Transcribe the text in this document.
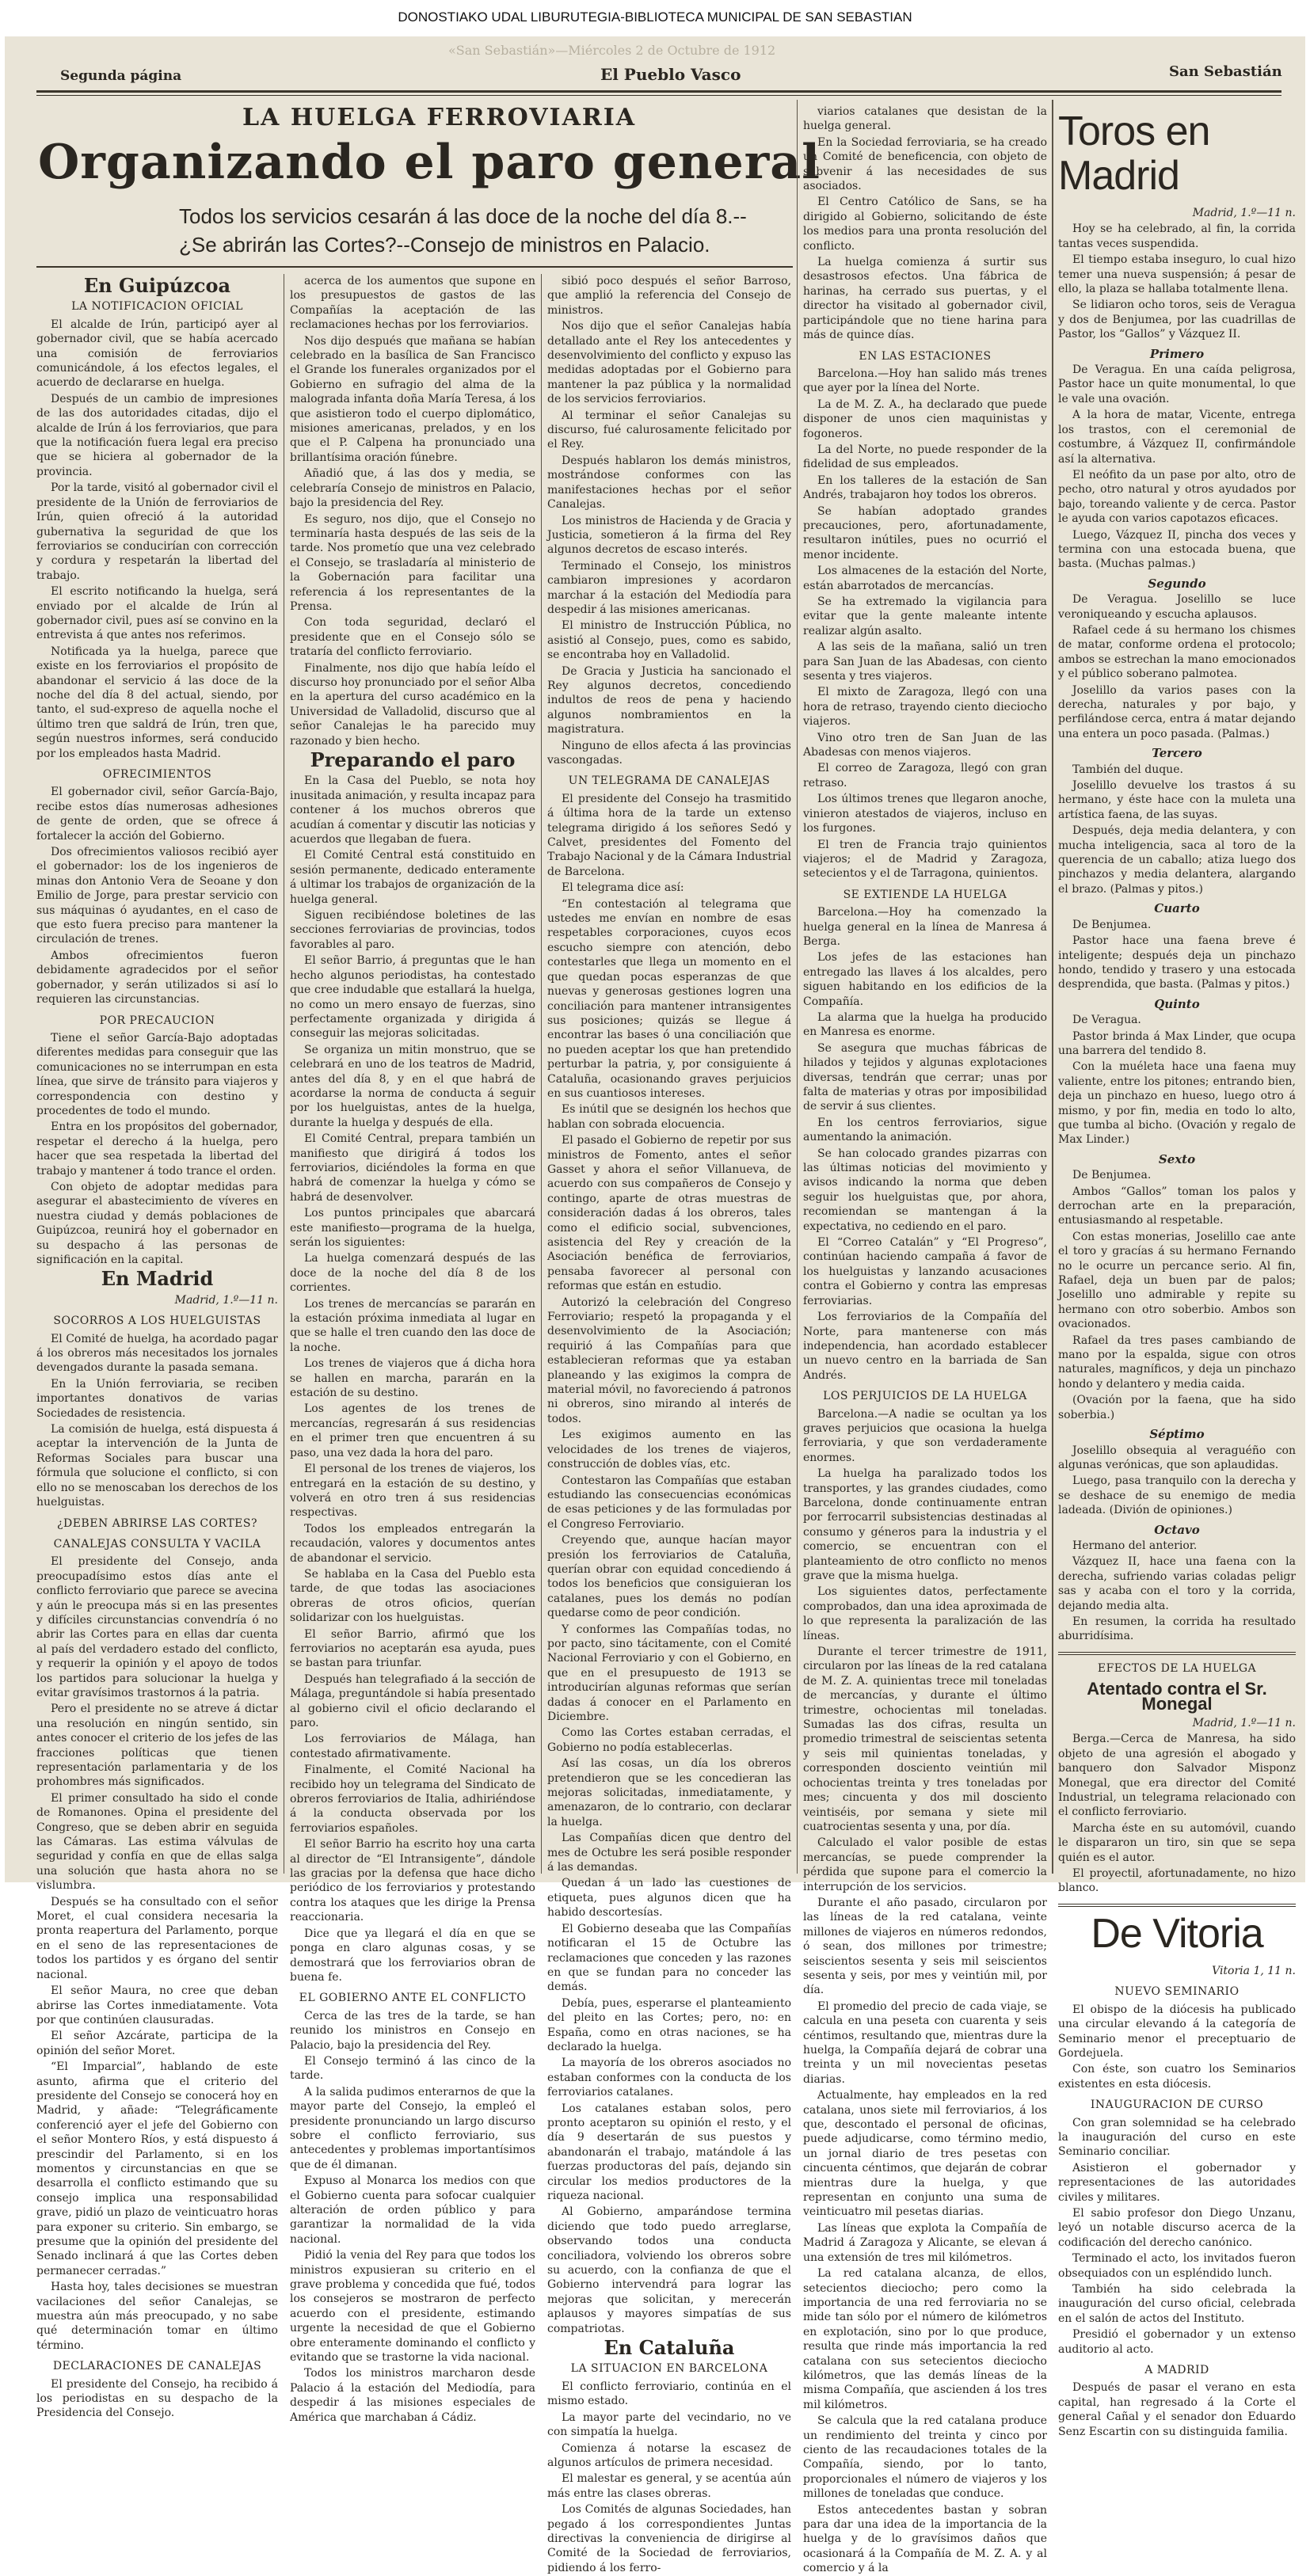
DONOSTIAKO UDAL LIBURUTEGIA-BIBLIOTECA MUNICIPAL DE SAN SEBASTIAN
«San Sebastián»—Miércoles 2 de Octubre de 1912
Segunda página	El Pueblo Vasco	San Sebastián
LA HUELGA FERROVIARIA
Organizando el paro general
Todos los servicios cesarán á las doce de la noche del día 8.--
¿Se abrirán las Cortes?--Consejo de ministros en Palacio.
En Guipúzcoa
LA NOTIFICACION OFICIAL

El alcalde de Irún, participó ayer al gobernador civil, que se había acercado una comisión de ferroviarios comunicándole, á los efectos legales, el acuerdo de declararse en huelga.

Después de un cambio de impresiones de las dos autoridades citadas, dijo el alcalde de Irún á los ferroviarios, que para que la notificación fuera legal era preciso que se hiciera al gobernador de la provincia.

Por la tarde, visitó al gobernador civil el presidente de la Unión de ferroviarios de Irún, quien ofreció á la autoridad gubernativa la seguridad de que los ferroviarios se conducirían con corrección y cordura y respetarán la libertad del trabajo.

El escrito notificando la huelga, será enviado por el alcalde de Irún al gobernador civil, pues así se convino en la entrevista á que antes nos referimos.

Notificada ya la huelga, parece que existe en los ferroviarios el propósito de abandonar el servicio á las doce de la noche del día 8 del actual, siendo, por tanto, el sud-expreso de aquella noche el último tren que saldrá de Irún, tren que, según nuestros informes, será conducido por los empleados hasta Madrid.

OFRECIMIENTOS

El gobernador civil, señor García-Bajo, recibe estos días numerosas adhesiones de gente de orden, que se ofrece á fortalecer la acción del Gobierno.

Dos ofrecimientos valiosos recibió ayer el gobernador: los de los ingenieros de minas don Antonio Vera de Seoane y don Emilio de Jorge, para prestar servicio con sus máquinas ó ayudantes, en el caso de que esto fuera preciso para mantener la circulación de trenes.

Ambos ofrecimientos fueron debidamente agradecidos por el señor gobernador, y serán utilizados si así lo requieren las circunstancias.

POR PRECAUCION

Tiene el señor García-Bajo adoptadas diferentes medidas para conseguir que las comunicaciones no se interrumpan en esta línea, que sirve de tránsito para viajeros y correspondencia con destino y procedentes de todo el mundo.

Entra en los propósitos del gobernador, respetar el derecho á la huelga, pero hacer que sea respetada la libertad del trabajo y mantener á todo trance el orden.

Con objeto de adoptar medidas para asegurar el abastecimiento de víveres en nuestra ciudad y demás poblaciones de Guipúzcoa, reunirá hoy el gobernador en su despacho á las personas de significación en la capital.

En Madrid
Madrid, 1.º—11 n.
SOCORROS A LOS HUELGUISTAS

El Comité de huelga, ha acordado pagar á los obreros más necesitados los jornales devengados durante la pasada semana.

En la Unión ferroviaria, se reciben importantes donativos de varias Sociedades de resistencia.

La comisión de huelga, está dispuesta á aceptar la intervención de la Junta de Reformas Sociales para buscar una fórmula que solucione el conflicto, si con ello no se menoscaban los derechos de los huelguistas.

¿DEBEN ABRIRSE LAS CORTES?
CANALEJAS CONSULTA Y VACILA

El presidente del Consejo, anda preocupadísimo estos días ante el conflicto ferroviario que parece se avecina y aún le preocupa más si en las presentes y difíciles circunstancias convendría ó no abrir las Cortes para en ellas dar cuenta al país del verdadero estado del conflicto, y requerir la opinión y el apoyo de todos los partidos para solucionar la huelga y evitar gravísimos trastornos á la patria.

Pero el presidente no se atreve á dictar una resolución en ningún sentido, sin antes conocer el criterio de los jefes de las fracciones políticas que tienen representación parlamentaria y de los prohombres más significados.

El primer consultado ha sido el conde de Romanones. Opina el presidente del Congreso, que se deben abrir en seguida las Cámaras. Las estima válvulas de seguridad y confía en que de ellas salga una solución que hasta ahora no se vislumbra.

Después se ha consultado con el señor Moret, el cual considera necesaria la pronta reapertura del Parlamento, porque en el seno de las representaciones de todos los partidos y es órgano del sentir nacional.

El señor Maura, no cree que deban abrirse las Cortes inmediatamente. Vota por que continúen clausuradas.

El señor Azcárate, participa de la opinión del señor Moret.

“El Imparcial”, hablando de este asunto, afirma que el criterio del presidente del Consejo se conocerá hoy en Madrid, y añade: “Telegráficamente conferenció ayer el jefe del Gobierno con el señor Montero Ríos, y está dispuesto á prescindir del Parlamento, si en los momentos y circunstancias en que se desarrolla el conflicto estimando que su consejo implica una responsabilidad grave, pidió un plazo de veinticuatro horas para exponer su criterio. Sin embargo, se presume que la opinión del presidente del Senado inclinará á que las Cortes deben permanecer cerradas.”

Hasta hoy, tales decisiones se muestran vacilaciones del señor Canalejas, se muestra aún más preocupado, y no sabe qué determinación tomar en último término.

DECLARACIONES DE CANALEJAS

El presidente del Consejo, ha recibido á los periodistas en su despacho de la Presidencia del Consejo.

acerca de los aumentos que supone en los presupuestos de gastos de las Compañías la aceptación de las reclamaciones hechas por los ferroviarios.

Nos dijo después que mañana se habían celebrado en la basílica de San Francisco el Grande los funerales organizados por el Gobierno en sufragio del alma de la malograda infanta doña María Teresa, á los que asistieron todo el cuerpo diplomático, misiones americanas, prelados, y en los que el P. Calpena ha pronunciado una brillantísima oración fúnebre.

Añadió que, á las dos y media, se celebraría Consejo de ministros en Palacio, bajo la presidencia del Rey.

Es seguro, nos dijo, que el Consejo no terminaría hasta después de las seis de la tarde. Nos prometío que una vez celebrado el Consejo, se trasladaría al ministerio de la Gobernación para facilitar una referencia á los representantes de la Prensa.

Con toda seguridad, declaró el presidente que en el Consejo sólo se trataría del conflicto ferroviario.

Finalmente, nos dijo que había leído el discurso hoy pronunciado por el señor Alba en la apertura del curso académico en la Universidad de Valladolid, discurso que al señor Canalejas le ha parecido muy razonado y bien hecho.

Preparando el paro

En la Casa del Pueblo, se nota hoy inusitada animación, y resulta incapaz para contener á los muchos obreros que acudían á comentar y discutir las noticias y acuerdos que llegaban de fuera.

El Comité Central está constituido en sesión permanente, dedicado enteramente á ultimar los trabajos de organización de la huelga general.

Siguen recibiéndose boletines de las secciones ferroviarias de provincias, todos favorables al paro.

El señor Barrio, á preguntas que le han hecho algunos periodistas, ha contestado que cree indudable que estallará la huelga, no como un mero ensayo de fuerzas, sino perfectamente organizada y dirigida á conseguir las mejoras solicitadas.

Se organiza un mitin monstruo, que se celebrará en uno de los teatros de Madrid, antes del día 8, y en el que habrá de acordarse la norma de conducta á seguir por los huelguistas, antes de la huelga, durante la huelga y después de ella.

El Comité Central, prepara también un manifiesto que dirigirá á todos los ferroviarios, diciéndoles la forma en que habrá de comenzar la huelga y cómo se habrá de desenvolver.

Los puntos principales que abarcará este manifiesto—programa de la huelga, serán los siguientes:

La huelga comenzará después de las doce de la noche del día 8 de los corrientes.

Los trenes de mercancías se pararán en la estación próxima inmediata al lugar en que se halle el tren cuando den las doce de la noche.

Los trenes de viajeros que á dicha hora se hallen en marcha, pararán en la estación de su destino.

Los agentes de los trenes de mercancías, regresarán á sus residencias en el primer tren que encuentren á su paso, una vez dada la hora del paro.

El personal de los trenes de viajeros, los entregará en la estación de su destino, y volverá en otro tren á sus residencias respectivas.

Todos los empleados entregarán la recaudación, valores y documentos antes de abandonar el servicio.

Se hablaba en la Casa del Pueblo esta tarde, de que todas las asociaciones obreras de otros oficios, querían solidarizar con los huelguistas.

El señor Barrio, afirmó que los ferroviarios no aceptarán esa ayuda, pues se bastan para triunfar.

Después han telegrafiado á la sección de Málaga, preguntándole si había presentado al gobierno civil el oficio declarando el paro.

Los ferroviarios de Málaga, han contestado afirmativamente.

Finalmente, el Comité Nacional ha recibido hoy un telegrama del Sindicato de obreros ferroviarios de Italia, adhiriéndose á la conducta observada por los ferroviarios españoles.

El señor Barrio ha escrito hoy una carta al director de “El Intransigente”, dándole las gracias por la defensa que hace dicho periódico de los ferroviarios y protestando contra los ataques que les dirige la Prensa reaccionaria.

Dice que ya llegará el día en que se ponga en claro algunas cosas, y se demostrará que los ferroviarios obran de buena fe.

EL GOBIERNO ANTE EL CONFLICTO

Cerca de las tres de la tarde, se han reunido los ministros en Consejo en Palacio, bajo la presidencia del Rey.

El Consejo terminó á las cinco de la tarde.

A la salida pudimos enterarnos de que la mayor parte del Consejo, la empleó el presidente pronunciando un largo discurso sobre el conflicto ferroviario, sus antecedentes y problemas importantísimos que de él dimanan.

Expuso al Monarca los medios con que el Gobierno cuenta para sofocar cualquier alteración de orden público y para garantizar la normalidad de la vida nacional.

Pidió la venia del Rey para que todos los ministros expusieran su criterio en el grave problema y concedida que fué, todos los consejeros se mostraron de perfecto acuerdo con el presidente, estimando urgente la necesidad de que el Gobierno obre enteramente dominando el conflicto y evitando que se trastorne la vida nacional.

Todos los ministros marcharon desde Palacio á la estación del Mediodía, para despedir á las misiones especiales de América que marchaban á Cádiz.

sibió poco después el señor Barroso, que amplió la referencia del Consejo de ministros.

Nos dijo que el señor Canalejas había detallado ante el Rey los antecedentes y desenvolvimiento del conflicto y expuso las medidas adoptadas por el Gobierno para mantener la paz pública y la normalidad de los servicios ferroviarios.

Al terminar el señor Canalejas su discurso, fué calurosamente felicitado por el Rey.

Después hablaron los demás ministros, mostrándose conformes con las manifestaciones hechas por el señor Canalejas.

Los ministros de Hacienda y de Gracia y Justicia, sometieron á la firma del Rey algunos decretos de escaso interés.

Terminado el Consejo, los ministros cambiaron impresiones y acordaron marchar á la estación del Mediodía para despedir á las misiones americanas.

El ministro de Instrucción Pública, no asistió al Consejo, pues, como es sabido, se encontraba hoy en Valladolid.

De Gracia y Justicia ha sancionado el Rey algunos decretos, concediendo indultos de reos de pena y haciendo algunos nombramientos en la magistratura.

Ninguno de ellos afecta á las provincias vascongadas.

UN TELEGRAMA DE CANALEJAS

El presidente del Consejo ha trasmitido á última hora de la tarde un extenso telegrama dirigido á los señores Sedó y Calvet, presidentes del Fomento del Trabajo Nacional y de la Cámara Industrial de Barcelona.

El telegrama dice así:

“En contestación al telegrama que ustedes me envían en nombre de esas respetables corporaciones, cuyos ecos escucho siempre con atención, debo contestarles que llega un momento en el que quedan pocas esperanzas de que nuevas y generosas gestiones logren una conciliación para mantener intransigentes sus posiciones; quizás se llegue á encontrar las bases ó una conciliación que no pueden aceptar los que han pretendido perturbar la patria, y, por consiguiente á Cataluña, ocasionando graves perjuicios en sus cuantiosos intereses.

Es inútil que se designén los hechos que hablan con sobrada elocuencia.

El pasado el Gobierno de repetir por sus ministros de Fomento, antes el señor Gasset y ahora el señor Villanueva, de acuerdo con sus compañeros de Consejo y contingo, aparte de otras muestras de consideración dadas á los obreros, tales como el edificio social, subvenciones, asistencia del Rey y creación de la Asociación benéfica de ferroviarios, pensaba favorecer al personal con reformas que están en estudio.

Autorizó la celebración del Congreso Ferroviario; respetó la propaganda y el desenvolvimiento de la Asociación; requirió á las Compañías para que establecieran reformas que ya estaban planeando y las exigimos la compra de material móvil, no favoreciendo á patronos ni obreros, sino mirando al interés de todos.

Les exigimos aumento en las velocidades de los trenes de viajeros, construcción de dobles vías, etc.

Contestaron las Compañías que estaban estudiando las consecuencias económicas de esas peticiones y de las formuladas por el Congreso Ferroviario.

Creyendo que, aunque hacían mayor presión los ferroviarios de Cataluña, querían obrar con equidad concediendo á todos los beneficios que consiguieran los catalanes, pues los demás no podían quedarse como de peor condición.

Y conformes las Compañías todas, no por pacto, sino tácitamente, con el Comité Nacional Ferroviario y con el Gobierno, en que en el presupuesto de 1913 se introducirían algunas reformas que serían dadas á conocer en el Parlamento en Diciembre.

Como las Cortes estaban cerradas, el Gobierno no podía establecerlas.

Así las cosas, un día los obreros pretendieron que se les concedieran las mejoras solicitadas, inmediatamente, y amenazaron, de lo contrario, con declarar la huelga.

Las Compañías dicen que dentro del mes de Octubre les será posible responder á las demandas.

Quedan á un lado las cuestiones de etiqueta, pues algunos dicen que ha habido descortesías.

El Gobierno deseaba que las Compañías notificaran el 15 de Octubre las reclamaciones que conceden y las razones en que se fundan para no conceder las demás.

Debía, pues, esperarse el planteamiento del pleito en las Cortes; pero, no: en España, como en otras naciones, se ha declarado la huelga.

La mayoría de los obreros asociados no estaban conformes con la conducta de los ferroviarios catalanes.

Los catalanes estaban solos, pero pronto aceptaron su opinión el resto, y el día 9 desertarán de sus puestos y abandonarán el trabajo, matándole á las fuerzas productoras del país, dejando sin circular los medios productores de la riqueza nacional.

Al Gobierno, amparándose termina diciendo que todo puedo arreglarse, observando todos una conducta conciliadora, volviendo los obreros sobre su acuerdo, con la confianza de que el Gobierno intervendrá para lograr las mejoras que solicitan, y merecerán aplausos y mayores simpatías de sus compatriotas.

En Cataluña
LA SITUACION EN BARCELONA

El conflicto ferroviario, continúa en el mismo estado.

La mayor parte del vecindario, no ve con simpatía la huelga.

Comienza á notarse la escasez de algunos artículos de primera necesidad.

El malestar es general, y se acentúa aún más entre las clases obreras.

Los Comités de algunas Sociedades, han pegado á los correspondientes Juntas directivas la conveniencia de dirigirse al Comité de la Sociedad de ferroviarios, pidiendo á los ferro-

viarios catalanes que desistan de la huelga general.

En la Sociedad ferroviaria, se ha creado un Comité de beneficencia, con objeto de subvenir á las necesidades de sus asociados.

El Centro Católico de Sans, se ha dirigido al Gobierno, solicitando de éste los medios para una pronta resolución del conflicto.

La huelga comienza á surtir sus desastrosos efectos. Una fábrica de harinas, ha cerrado sus puertas, y el director ha visitado al gobernador civil, participándole que no tiene harina para más de quince días.

EN LAS ESTACIONES

Barcelona.—Hoy han salido más trenes que ayer por la línea del Norte.

La de M. Z. A., ha declarado que puede disponer de unos cien maquinistas y fogoneros.

La del Norte, no puede responder de la fidelidad de sus empleados.

En los talleres de la estación de San Andrés, trabajaron hoy todos los obreros.

Se habían adoptado grandes precauciones, pero, afortunadamente, resultaron inútiles, pues no ocurrió el menor incidente.

Los almacenes de la estación del Norte, están abarrotados de mercancías.

Se ha extremado la vigilancia para evitar que la gente maleante intente realizar algún asalto.

A las seis de la mañana, salió un tren para San Juan de las Abadesas, con ciento sesenta y tres viajeros.

El mixto de Zaragoza, llegó con una hora de retraso, trayendo ciento dieciocho viajeros.

Vino otro tren de San Juan de las Abadesas con menos viajeros.

El correo de Zaragoza, llegó con gran retraso.

Los últimos trenes que llegaron anoche, vinieron atestados de viajeros, incluso en los furgones.

El tren de Francia trajo quinientos viajeros; el de Madrid y Zaragoza, setecientos y el de Tarragona, quinientos.

SE EXTIENDE LA HUELGA

Barcelona.—Hoy ha comenzado la huelga general en la línea de Manresa á Berga.

Los jefes de las estaciones han entregado las llaves á los alcaldes, pero siguen habitando en los edificios de la Compañía.

La alarma que la huelga ha producido en Manresa es enorme.

Se asegura que muchas fábricas de hilados y tejidos y algunas explotaciones diversas, tendrán que cerrar; unas por falta de materias y otras por imposibilidad de servir á sus clientes.

En los centros ferroviarios, sigue aumentando la animación.

Se han colocado grandes pizarras con las últimas noticias del movimiento y avisos indicando la norma que deben seguir los huelguistas que, por ahora, recomiendan se mantengan á la expectativa, no cediendo en el paro.

El “Correo Catalán” y “El Progreso”, continúan haciendo campaña á favor de los huelguistas y lanzando acusaciones contra el Gobierno y contra las empresas ferroviarias.

Los ferroviarios de la Compañía del Norte, para mantenerse con más independencia, han acordado establecer un nuevo centro en la barriada de San Andrés.

LOS PERJUICIOS DE LA HUELGA

Barcelona.—A nadie se ocultan ya los graves perjuicios que ocasiona la huelga ferroviaria, y que son verdaderamente enormes.

La huelga ha paralizado todos los transportes, y las grandes ciudades, como Barcelona, donde continuamente entran por ferrocarril subsistencias destinadas al consumo y géneros para la industria y el comercio, se encuentran con el planteamiento de otro conflicto no menos grave que la misma huelga.

Los siguientes datos, perfectamente comprobados, dan una idea aproximada de lo que representa la paralización de las líneas.

Durante el tercer trimestre de 1911, circularon por las líneas de la red catalana de M. Z. A. quinientas trece mil toneladas de mercancías, y durante el último trimestre, ochocientas mil toneladas. Sumadas las dos cifras, resulta un promedio trimestral de seiscientas setenta y seis mil quinientas toneladas, y corresponden dosciento veintiún mil ochocientas treinta y tres toneladas por mes; cincuenta y dos mil dosciento veintiséis, por semana y siete mil cuatrocientas sesenta y una, por día.

Calculado el valor posible de estas mercancías, se puede comprender la pérdida que supone para el comercio la interrupción de los servicios.

Durante el año pasado, circularon por las líneas de la red catalana, veinte millones de viajeros en números redondos, ó sean, dos millones por trimestre; seiscientos sesenta y seis mil seiscientos sesenta y seis, por mes y veintiún mil, por día.

El promedio del precio de cada viaje, se calcula en una peseta con cuarenta y seis céntimos, resultando que, mientras dure la huelga, la Compañía dejará de cobrar una treinta y un mil novecientas pesetas diarias.

Actualmente, hay empleados en la red catalana, unos siete mil ferroviarios, á los que, descontado el personal de oficinas, puede adjudicarse, como término medio, un jornal diario de tres pesetas con cincuenta céntimos, que dejarán de cobrar mientras dure la huelga, y que representan en conjunto una suma de veinticuatro mil pesetas diarias.

Las líneas que explota la Compañía de Madrid á Zaragoza y Alicante, se elevan á una extensión de tres mil kilómetros.

La red catalana alcanza, de ellos, setecientos dieciocho; pero como la importancia de una red ferroviaria no se mide tan sólo por el número de kilómetros en explotación, sino por lo que produce, resulta que rinde más importancia la red catalana con sus setecientos dieciocho kilómetros, que las demás líneas de la misma Compañía, que ascienden á los tres mil kilómetros.

Se calcula que la red catalana produce un rendimiento del treinta y cinco por ciento de las recaudaciones totales de la Compañía, siendo, por lo tanto, proporcionales el número de viajeros y los millones de toneladas que conduce.

Estos antecedentes bastan y sobran para dar una idea de la importancia de la huelga y de lo gravísimos daños que ocasionará á la Compañía de M. Z. A. y al comercio y á la

Toros en Madrid
Madrid, 1.º—11 n.

Hoy se ha celebrado, al fin, la corrida tantas veces suspendida.

El tiempo estaba inseguro, lo cual hizo temer una nueva suspensión; á pesar de ello, la plaza se hallaba totalmente llena.

Se lidiaron ocho toros, seis de Veragua y dos de Benjumea, por las cuadrillas de Pastor, los “Gallos” y Vázquez II.

Primero

De Veragua. En una caída peligrosa, Pastor hace un quite monumental, lo que le vale una ovación.

A la hora de matar, Vicente, entrega los trastos, con el ceremonial de costumbre, á Vázquez II, confirmándole así la alternativa.

El neófito da un pase por alto, otro de pecho, otro natural y otros ayudados por bajo, toreando valiente y de cerca. Pastor le ayuda con varios capotazos eficaces.

Luego, Vázquez II, pincha dos veces y termina con una estocada buena, que basta. (Muchas palmas.)

Segundo

De Veragua. Joselillo se luce veroniqueando y escucha aplausos.

Rafael cede á su hermano los chismes de matar, conforme ordena el protocolo; ambos se estrechan la mano emocionados y el público soberano palmotea.

Joselillo da varios pases con la derecha, naturales y por bajo, y perfilándose cerca, entra á matar dejando una entera un poco pasada. (Palmas.)

Tercero

También del duque.

Joselillo devuelve los trastos á su hermano, y éste hace con la muleta una artística faena, de las suyas.

Después, deja media delantera, y con mucha inteligencia, saca al toro de la querencia de un caballo; atiza luego dos pinchazos y media delantera, alargando el brazo. (Palmas y pitos.)

Cuarto

De Benjumea.

Pastor hace una faena breve é inteligente; después deja un pinchazo hondo, tendido y trasero y una estocada desprendida, que basta. (Palmas y pitos.)

Quinto

De Veragua.

Pastor brinda á Max Linder, que ocupa una barrera del tendido 8.

Con la muéleta hace una faena muy valiente, entre los pitones; entrando bien, deja un pinchazo en hueso, luego otro á mismo, y por fin, media en todo lo alto, que tumba al bicho. (Ovación y regalo de Max Linder.)

Sexto

De Benjumea.

Ambos “Gallos” toman los palos y derrochan arte en la preparación, entusiasmando al respetable.

Con estas monerias, Joselillo cae ante el toro y gracías á su hermano Fernando no le ocurre un percance serio. Al fin, Rafael, deja un buen par de palos; Joselillo uno admirable y repite su hermano con otro soberbio. Ambos son ovacionados.

Rafael da tres pases cambiando de mano por la espalda, sigue con otros naturales, magníficos, y deja un pinchazo hondo y delantero y media caida.

(Ovación por la faena, que ha sido soberbia.)

Séptimo

Joselillo obsequia al veraguéño con algunas verónicas, que son aplaudidas.

Luego, pasa tranquilo con la derecha y se deshace de su enemigo de media ladeada. (Divión de opiniones.)

Octavo

Hermano del anterior.

Vázquez II, hace una faena con la derecha, sufriendo varias coladas peligr sas y acaba con el toro y la corrida, dejando media alta.

En resumen, la corrida ha resultado aburridísima.

EFECTOS DE LA HUELGA
Atentado contra el Sr. Monegal
Madrid, 1.º—11 n.

Berga.—Cerca de Manresa, ha sido objeto de una agresión el abogado y banquero don Salvador Misponz Monegal, que era director del Comité Industrial, un telegrama relacionado con el conflicto ferroviario.

Marcha éste en su automóvil, cuando le dispararon un tiro, sin que se sepa quién es el autor.

El proyectil, afortunadamente, no hizo blanco.

De Vitoria
Vitoria 1, 11 n.
NUEVO SEMINARIO

El obispo de la diócesis ha publicado una circular elevando á la categoría de Seminario menor el preceptuario de Gordejuela.

Con éste, son cuatro los Seminarios existentes en esta diócesis.

INAUGURACION DE CURSO

Con gran solemnidad se ha celebrado la inauguración del curso en este Seminario conciliar.

Asistieron el gobernador y representaciones de las autoridades civiles y militares.

El sabio profesor don Diego Unzanu, leyó un notable discurso acerca de la codificación del derecho canónico.

Terminado el acto, los invitados fueron obsequiados con un espléndido lunch.

También ha sido celebrada la inauguración del curso oficial, celebrada en el salón de actos del Instituto.

Presidió el gobernador y un extenso auditorio al acto.

A MADRID

Después de pasar el verano en esta capital, han regresado á la Corte el general Cañal y el senador don Eduardo Senz Escartin con su distinguida familia.
